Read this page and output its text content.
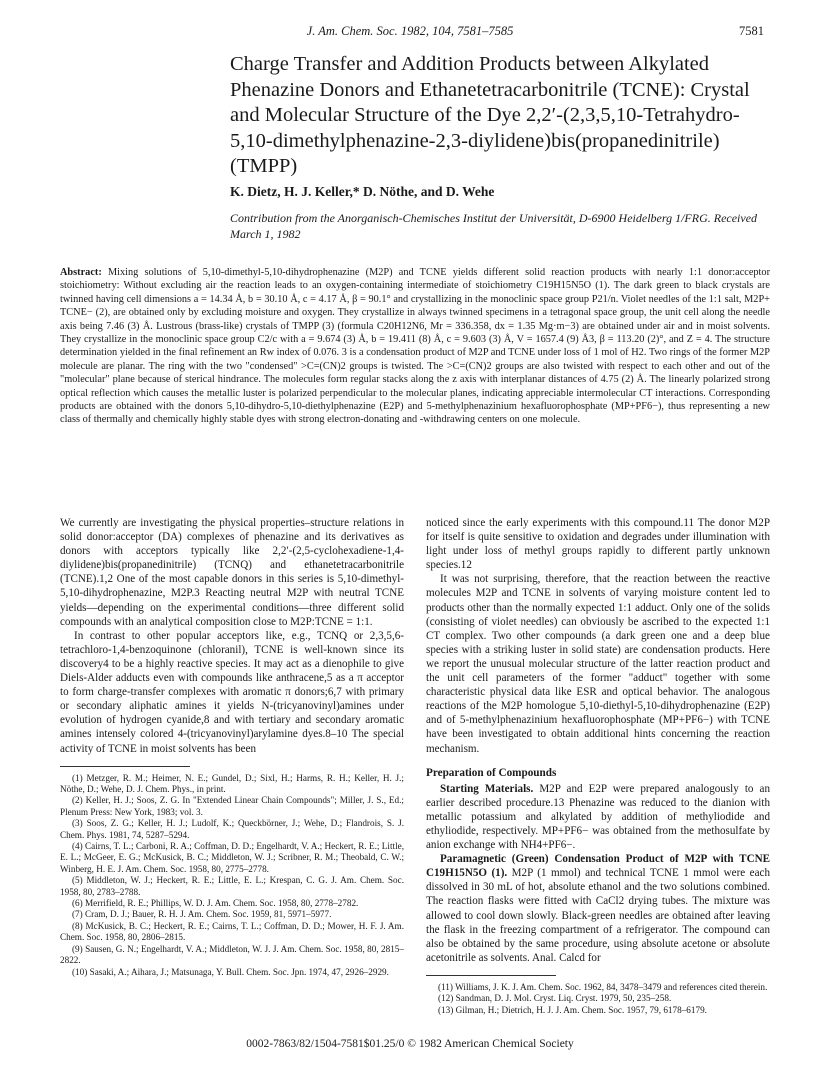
J. Am. Chem. Soc. 1982, 104, 7581–7585	7581
Charge Transfer and Addition Products between Alkylated Phenazine Donors and Ethanetetracarbonitrile (TCNE): Crystal and Molecular Structure of the Dye 2,2′-(2,3,5,10-Tetrahydro-5,10-dimethylphenazine-2,3-diylidene)bis(propanedinitrile) (TMPP)
K. Dietz, H. J. Keller,* D. Nöthe, and D. Wehe
Contribution from the Anorganisch-Chemisches Institut der Universität, D-6900 Heidelberg 1/FRG. Received March 1, 1982

Abstract: Mixing solutions of 5,10-dimethyl-5,10-dihydrophenazine (M2P) and TCNE yields different solid reaction products with nearly 1:1 donor:acceptor stoichiometry: Without excluding air the reaction leads to an oxygen-containing intermediate of stoichiometry C19H15N5O (1). The dark green to black crystals are twinned having cell dimensions a = 14.34 Å, b = 30.10 Å, c = 4.17 Å, β = 90.1° and crystallizing in the monoclinic space group P21/n. Violet needles of the 1:1 salt, M2P+ TCNE− (2), are obtained only by excluding moisture and oxygen. They crystallize in always twinned specimens in a tetragonal space group, the unit cell along the needle axis being 7.46 (3) Å. Lustrous (brass-like) crystals of TMPP (3) (formula C20H12N6, Mr = 336.358, dx = 1.35 Mg·m−3) are obtained under air and in moist solvents. They crystallize in the monoclinic space group C2/c with a = 9.674 (3) Å, b = 19.411 (8) Å, c = 9.603 (3) Å, V = 1657.4 (9) Å3, β = 113.20 (2)°, and Z = 4. The structure determination yielded in the final refinement an Rw index of 0.076. 3 is a condensation product of M2P and TCNE under loss of 1 mol of H2. Two rings of the former M2P molecule are planar. The ring with the two "condensed" >C=(CN)2 groups is twisted. The >C=(CN)2 groups are also twisted with respect to each other and out of the "molecular" plane because of sterical hindrance. The molecules form regular stacks along the z axis with interplanar distances of 4.75 (2) Å. The linearly polarized strong optical reflection which causes the metallic luster is polarized perpendicular to the molecular planes, indicating appreciable intermolecular CT interactions. Corresponding products are obtained with the donors 5,10-dihydro-5,10-diethylphenazine (E2P) and 5-methylphenazinium hexafluorophosphate (MP+PF6−), thus representing a new class of thermally and chemically highly stable dyes with strong electron-donating and -withdrawing centers on one molecule.

We currently are investigating the physical properties–structure relations in solid donor:acceptor (DA) complexes of phenazine and its derivatives as donors with acceptors typically like 2,2′-(2,5-cyclohexadiene-1,4-diylidene)bis(propanedinitrile) (TCNQ) and ethanetetracarbonitrile (TCNE).1,2 One of the most capable donors in this series is 5,10-dimethyl-5,10-dihydrophenazine, M2P.3 Reacting neutral M2P with neutral TCNE yields—depending on the experimental conditions—three different solid compounds with an analytical composition close to M2P:TCNE = 1:1.

In contrast to other popular acceptors like, e.g., TCNQ or 2,3,5,6-tetrachloro-1,4-benzoquinone (chloranil), TCNE is well-known since its discovery4 to be a highly reactive species. It may act as a dienophile to give Diels-Alder adducts even with compounds like anthracene,5 as a π acceptor to form charge-transfer complexes with aromatic π donors;6,7 with primary or secondary aliphatic amines it yields N-(tricyanovinyl)amines under evolution of hydrogen cyanide,8 and with tertiary and secondary aromatic amines intensely colored 4-(tricyanovinyl)arylamine dyes.8–10 The special activity of TCNE in moist solvents has been

(1) Metzger, R. M.; Heimer, N. E.; Gundel, D.; Sixl, H.; Harms, R. H.; Keller, H. J.; Nöthe, D.; Wehe, D. J. Chem. Phys., in print.
(2) Keller, H. J.; Soos, Z. G. In "Extended Linear Chain Compounds"; Miller, J. S., Ed.; Plenum Press: New York, 1983; vol. 3.
(3) Soos, Z. G.; Keller, H. J.; Ludolf, K.; Queckbörner, J.; Wehe, D.; Flandrois, S. J. Chem. Phys. 1981, 74, 5287–5294.
(4) Cairns, T. L.; Carboni, R. A.; Coffman, D. D.; Engelhardt, V. A.; Heckert, R. E.; Little, E. L.; McGeer, E. G.; McKusick, B. C.; Middleton, W. J.; Scribner, R. M.; Theobald, C. W.; Winberg, H. E. J. Am. Chem. Soc. 1958, 80, 2775–2778.
(5) Middleton, W. J.; Heckert, R. E.; Little, E. L.; Krespan, C. G. J. Am. Chem. Soc. 1958, 80, 2783–2788.
(6) Merrifield, R. E.; Phillips, W. D. J. Am. Chem. Soc. 1958, 80, 2778–2782.
(7) Cram, D. J.; Bauer, R. H. J. Am. Chem. Soc. 1959, 81, 5971–5977.
(8) McKusick, B. C.; Heckert, R. E.; Cairns, T. L.; Coffman, D. D.; Mower, H. F. J. Am. Chem. Soc. 1958, 80, 2806–2815.
(9) Sausen, G. N.; Engelhardt, V. A.; Middleton, W. J. J. Am. Chem. Soc. 1958, 80, 2815–2822.
(10) Sasaki, A.; Aihara, J.; Matsunaga, Y. Bull. Chem. Soc. Jpn. 1974, 47, 2926–2929.

noticed since the early experiments with this compound.11 The donor M2P for itself is quite sensitive to oxidation and degrades under illumination with light under loss of methyl groups rapidly to different partly unknown species.12

It was not surprising, therefore, that the reaction between the reactive molecules M2P and TCNE in solvents of varying moisture content led to products other than the normally expected 1:1 adduct. Only one of the solids (consisting of violet needles) can obviously be ascribed to the expected 1:1 CT complex. Two other compounds (a dark green one and a deep blue species with a striking luster in solid state) are condensation products. Here we report the unusual molecular structure of the latter reaction product and the unit cell parameters of the former "adduct" together with some characteristic physical data like ESR and optical behavior. The analogous reactions of the M2P homologue 5,10-diethyl-5,10-dihydrophenazine (E2P) and of 5-methylphenazinium hexafluorophosphate (MP+PF6−) with TCNE have been investigated to obtain additional hints concerning the reaction mechanism.

Preparation of Compounds

Starting Materials. M2P and E2P were prepared analogously to an earlier described procedure.13 Phenazine was reduced to the dianion with metallic potassium and alkylated by addition of methyliodide and ethyliodide, respectively. MP+PF6− was obtained from the methosulfate by anion exchange with NH4+PF6−.

Paramagnetic (Green) Condensation Product of M2P with TCNE C19H15N5O (1). M2P (1 mmol) and technical TCNE 1 mmol were each dissolved in 30 mL of hot, absolute ethanol and the two solutions combined. The reaction flasks were fitted with CaCl2 drying tubes. The mixture was allowed to cool down slowly. Black-green needles are obtained after leaving the flask in the freezing compartment of a refrigerator. The compound can also be obtained by the same procedure, using absolute acetone or absolute acetonitrile as solvents. Anal. Calcd for

(11) Williams, J. K. J. Am. Chem. Soc. 1962, 84, 3478–3479 and references cited therein.
(12) Sandman, D. J. Mol. Cryst. Liq. Cryst. 1979, 50, 235–258.
(13) Gilman, H.; Dietrich, H. J. J. Am. Chem. Soc. 1957, 79, 6178–6179.
0002-7863/82/1504-7581$01.25/0 © 1982 American Chemical Society
